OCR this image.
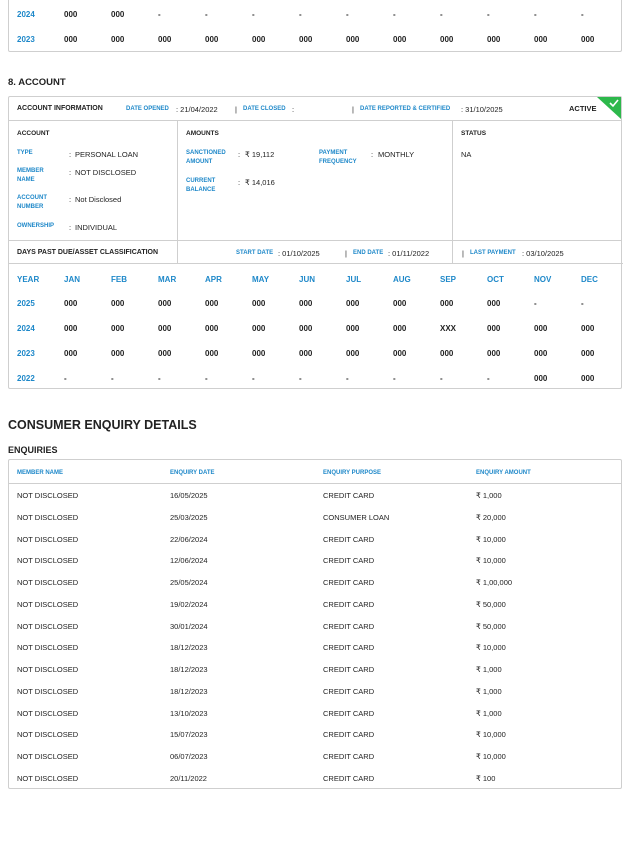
2024	000	000	-	-	-	-	-	-	-	-	-	-
2023	000	000	000	000	000	000	000	000	000	000	000	000
8. ACCOUNT
ACCOUNT INFORMATION	DATE OPENED : 21/04/2022 | DATE CLOSED :	| DATE REPORTED & CERTIFIED : 31/10/2025	ACTIVE
ACCOUNT
TYPE	: PERSONAL LOAN
MEMBER NAME
: NOT DISCLOSED
ACCOUNT NUMBER
: Not Disclosed
OWNERSHIP : INDIVIDUAL
AMOUNTS
SANCTIONED AMOUNT
: ₹ 19,112
CURRENT BALANCE
: ₹ 14,016
PAYMENT FREQUENCY
: MONTHLY
STATUS
NA
DAYS PAST DUE/ASSET CLASSIFICATION	START DATE : 01/10/2025	| END DATE : 01/11/2022	| LAST PAYMENT : 03/10/2025
YEAR	JAN	FEB	MAR	APR	MAY	JUN	JUL	AUG	SEP	OCT	NOV	DEC
2025	000	000	000	000	000	000	000	000	000	000	-	-
2024	000	000	000	000	000	000	000	000	XXX	000	000	000
2023	000	000	000	000	000	000	000	000	000	000	000	000
2022	-	-	-	-	-	-	-	-	-	-	000	000
CONSUMER ENQUIRY DETAILS
ENQUIRIES
MEMBER NAME	ENQUIRY DATE	ENQUIRY PURPOSE	ENQUIRY AMOUNT
NOT DISCLOSED	16/05/2025	CREDIT CARD	₹ 1,000
NOT DISCLOSED	25/03/2025	CONSUMER LOAN	₹ 20,000
NOT DISCLOSED	22/06/2024	CREDIT CARD	₹ 10,000
NOT DISCLOSED	12/06/2024	CREDIT CARD	₹ 10,000
NOT DISCLOSED	25/05/2024	CREDIT CARD	₹ 1,00,000
NOT DISCLOSED	19/02/2024	CREDIT CARD	₹ 50,000
NOT DISCLOSED	30/01/2024	CREDIT CARD	₹ 50,000
NOT DISCLOSED	18/12/2023	CREDIT CARD	₹ 10,000
NOT DISCLOSED	18/12/2023	CREDIT CARD	₹ 1,000
NOT DISCLOSED	18/12/2023	CREDIT CARD	₹ 1,000
NOT DISCLOSED	13/10/2023	CREDIT CARD	₹ 1,000
NOT DISCLOSED	15/07/2023	CREDIT CARD	₹ 10,000
NOT DISCLOSED	06/07/2023	CREDIT CARD	₹ 10,000
NOT DISCLOSED	20/11/2022	CREDIT CARD	₹ 100
